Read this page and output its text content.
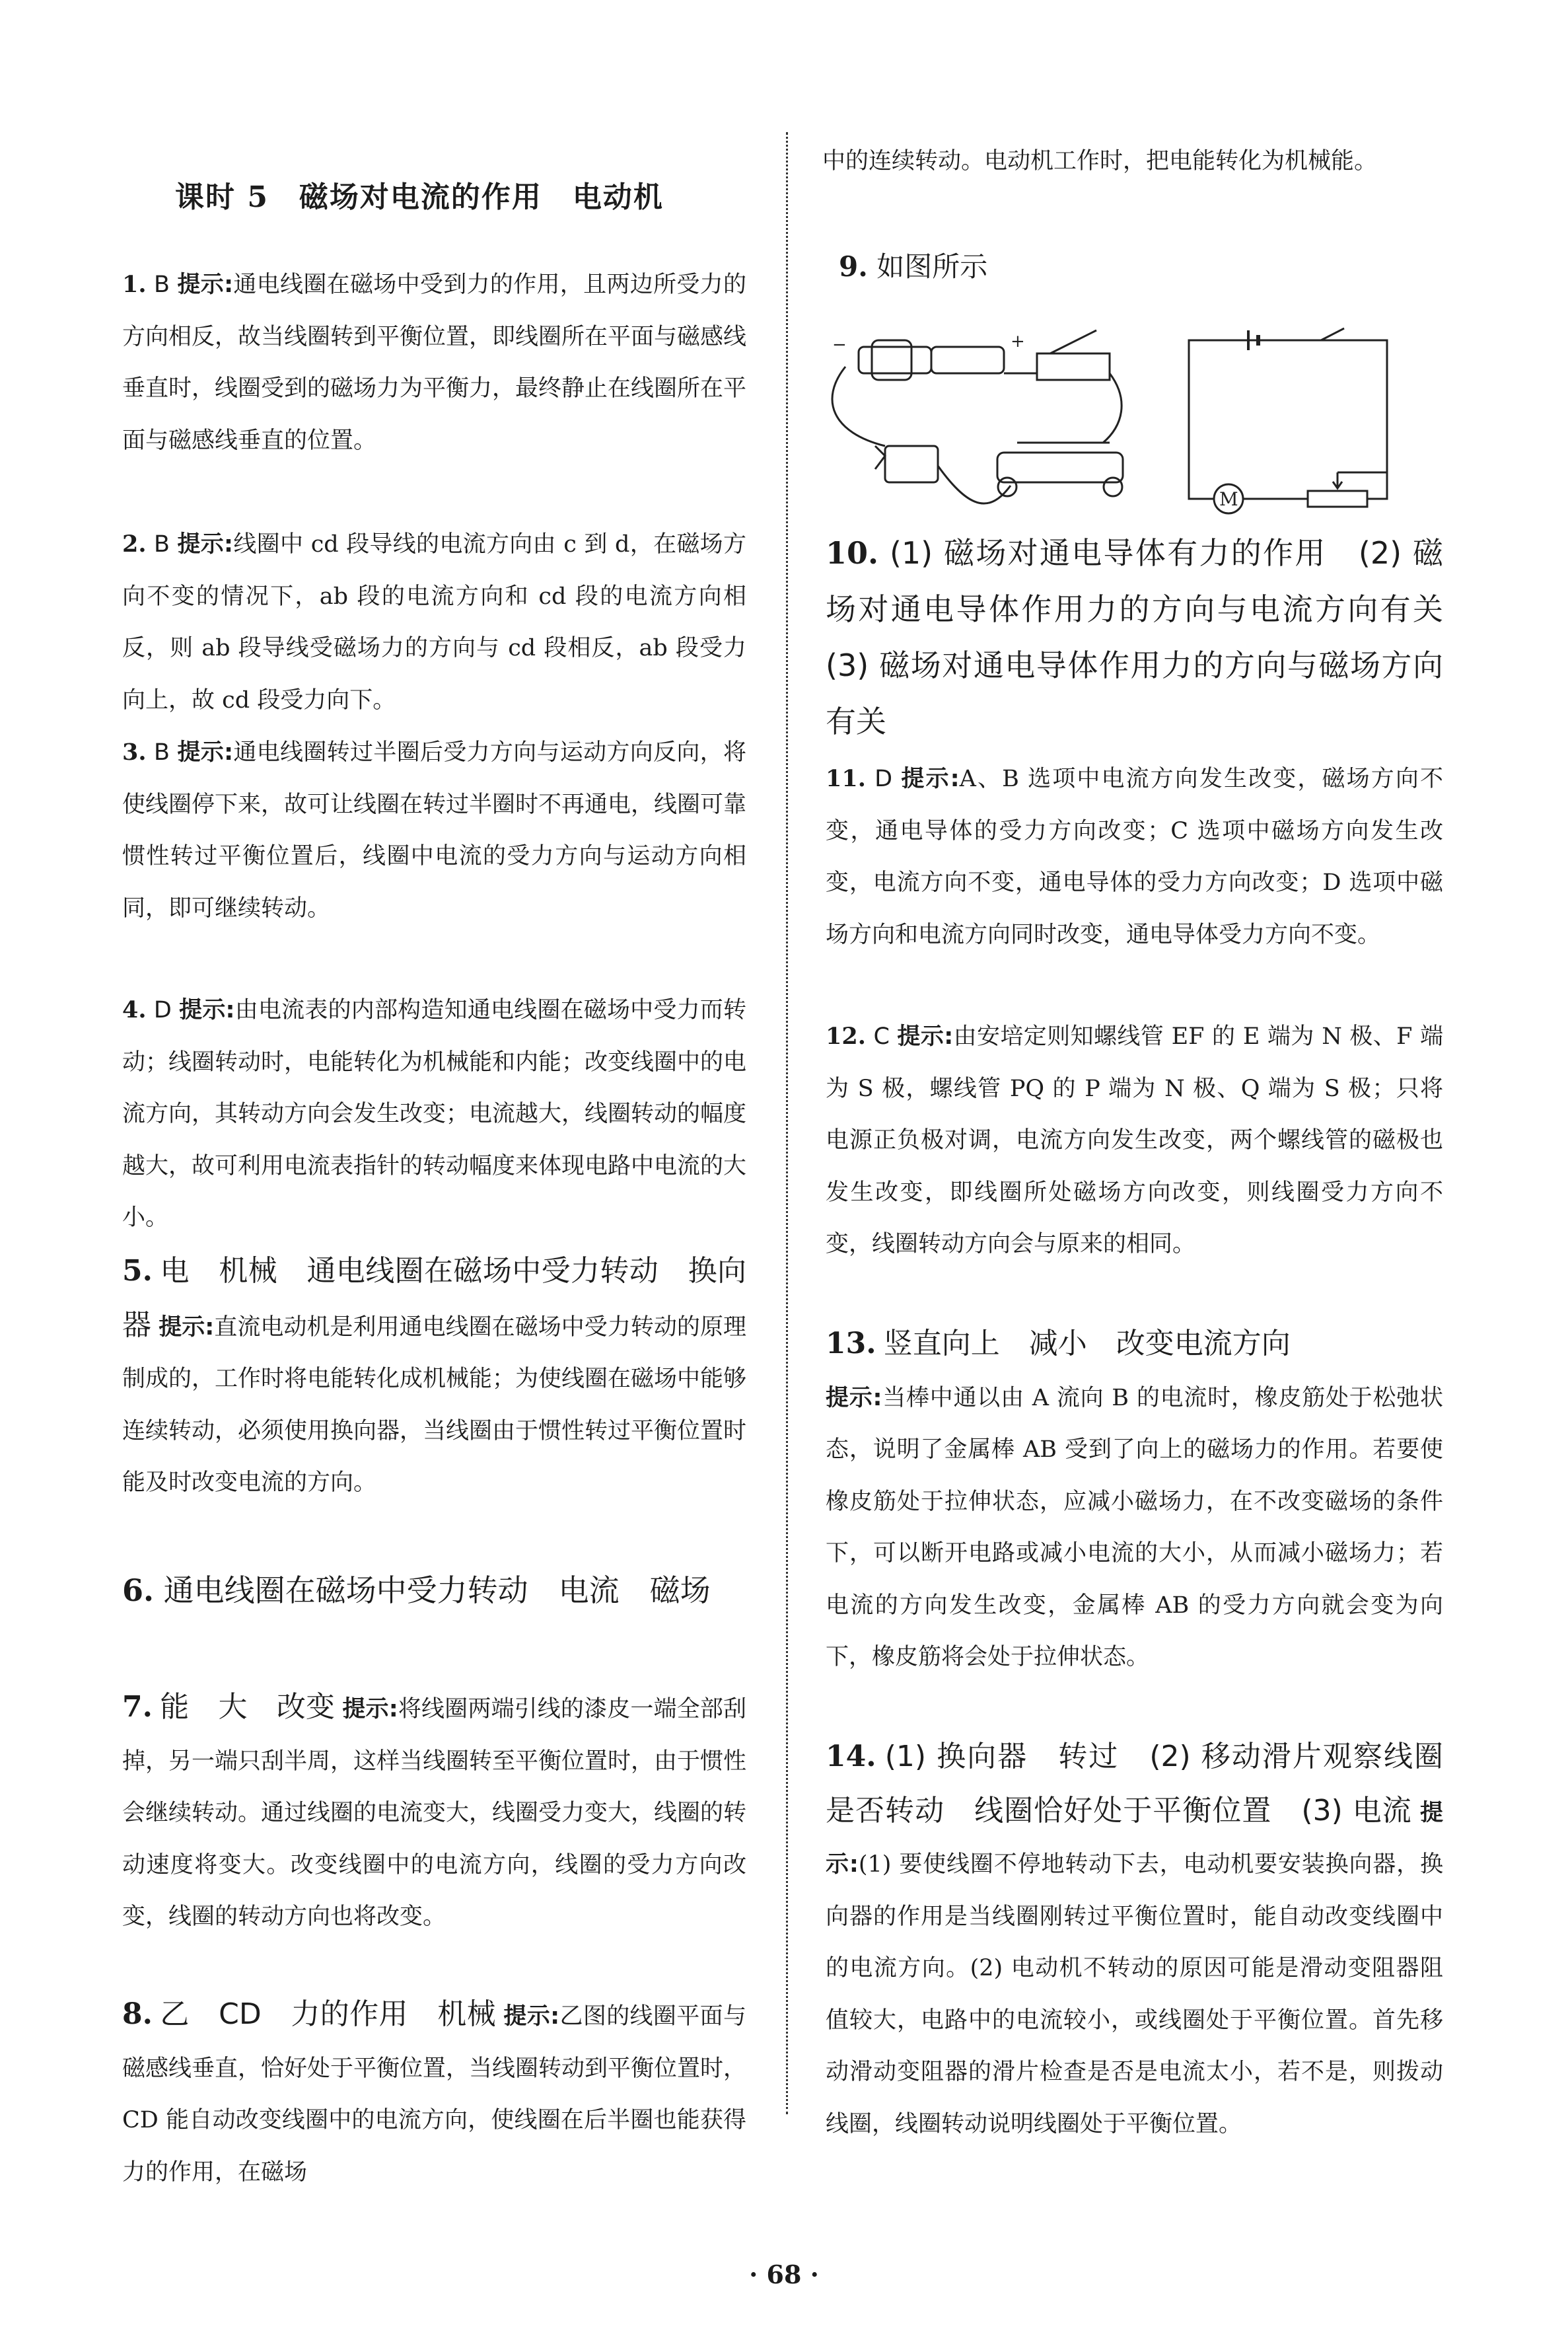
课时 5　磁场对电流的作用　电动机

1. B 提示:通电线圈在磁场中受到力的作用，且两边所受力的方向相反，故当线圈转到平衡位置，即线圈所在平面与磁感线垂直时，线圈受到的磁场力为平衡力，最终静止在线圈所在平面与磁感线垂直的位置。

2. B 提示:线圈中 cd 段导线的电流方向由 c 到 d，在磁场方向不变的情况下，ab 段的电流方向和 cd 段的电流方向相反，则 ab 段导线受磁场力的方向与 cd 段相反，ab 段受力向上，故 cd 段受力向下。

3. B 提示:通电线圈转过半圈后受力方向与运动方向反向，将使线圈停下来，故可让线圈在转过半圈时不再通电，线圈可靠惯性转过平衡位置后，线圈中电流的受力方向与运动方向相同，即可继续转动。

4. D 提示:由电流表的内部构造知通电线圈在磁场中受力而转动；线圈转动时，电能转化为机械能和内能；改变线圈中的电流方向，其转动方向会发生改变；电流越大，线圈转动的幅度越大，故可利用电流表指针的转动幅度来体现电路中电流的大小。

5. 电　机械　通电线圈在磁场中受力转动　换向器 提示:直流电动机是利用通电线圈在磁场中受力转动的原理制成的，工作时将电能转化成机械能；为使线圈在磁场中能够连续转动，必须使用换向器，当线圈由于惯性转过平衡位置时能及时改变电流的方向。

6. 通电线圈在磁场中受力转动　电流　磁场

7. 能　大　改变 提示:将线圈两端引线的漆皮一端全部刮掉，另一端只刮半周，这样当线圈转至平衡位置时，由于惯性会继续转动。通过线圈的电流变大，线圈受力变大，线圈的转动速度将变大。改变线圈中的电流方向，线圈的受力方向改变，线圈的转动方向也将改变。

8. 乙　CD　力的作用　机械 提示:乙图的线圈平面与磁感线垂直，恰好处于平衡位置，当线圈转动到平衡位置时，CD 能自动改变线圈中的电流方向，使线圈在后半圈也能获得力的作用，在磁场

中的连续转动。电动机工作时，把电能转化为机械能。

9. 如图所示

−	+
M

10. (1) 磁场对通电导体有力的作用　(2) 磁场对通电导体作用力的方向与电流方向有关　(3) 磁场对通电导体作用力的方向与磁场方向有关

11. D 提示:A、B 选项中电流方向发生改变，磁场方向不变，通电导体的受力方向改变；C 选项中磁场方向发生改变，电流方向不变，通电导体的受力方向改变；D 选项中磁场方向和电流方向同时改变，通电导体受力方向不变。

12. C 提示:由安培定则知螺线管 EF 的 E 端为 N 极、F 端为 S 极，螺线管 PQ 的 P 端为 N 极、Q 端为 S 极；只将电源正负极对调，电流方向发生改变，两个螺线管的磁极也发生改变，即线圈所处磁场方向改变，则线圈受力方向不变，线圈转动方向会与原来的相同。

13. 竖直向上　减小　改变电流方向
提示:当棒中通以由 A 流向 B 的电流时，橡皮筋处于松弛状态，说明了金属棒 AB 受到了向上的磁场力的作用。若要使橡皮筋处于拉伸状态，应减小磁场力，在不改变磁场的条件下，可以断开电路或减小电流的大小，从而减小磁场力；若电流的方向发生改变，金属棒 AB 的受力方向就会变为向下，橡皮筋将会处于拉伸状态。

14. (1) 换向器　转过　(2) 移动滑片观察线圈是否转动　线圈恰好处于平衡位置　(3) 电流 提示:(1) 要使线圈不停地转动下去，电动机要安装换向器，换向器的作用是当线圈刚转过平衡位置时，能自动改变线圈中的电流方向。(2) 电动机不转动的原因可能是滑动变阻器阻值较大，电路中的电流较小，或线圈处于平衡位置。首先移动滑动变阻器的滑片检查是否是电流太小，若不是，则拨动线圈，线圈转动说明线圈处于平衡位置。

· 68 ·
